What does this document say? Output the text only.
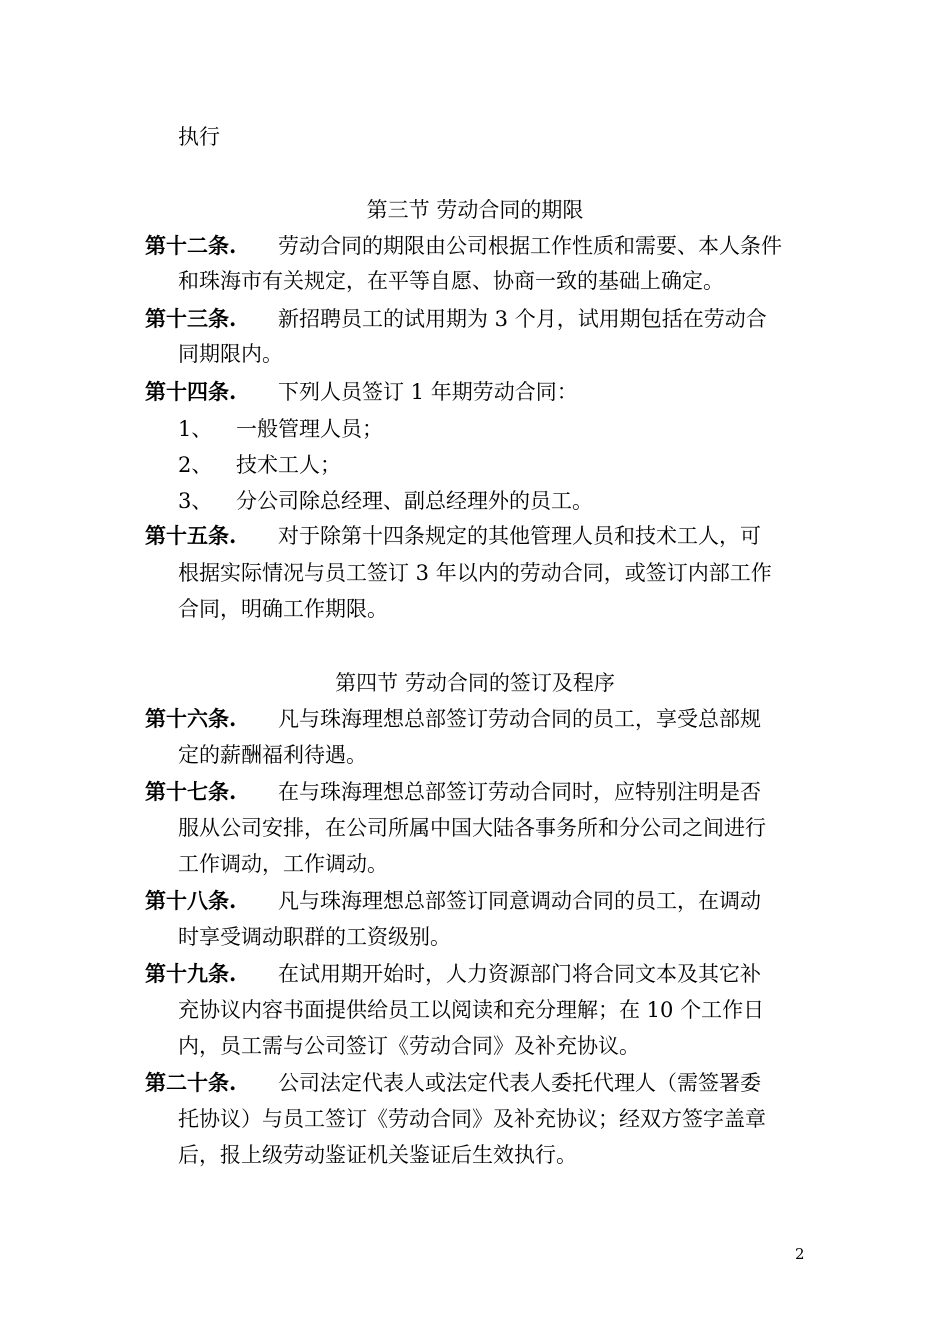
执行
第三节 劳动合同的期限
第十二条. 劳动合同的期限由公司根据工作性质和需要、本人条件
和珠海市有关规定，在平等自愿、协商一致的基础上确定。
第十三条. 新招聘员工的试用期为 3 个月，试用期包括在劳动合
同期限内。
第十四条. 下列人员签订 1 年期劳动合同：
1、 一般管理人员；
2、 技术工人；
3、 分公司除总经理、副总经理外的员工。
第十五条. 对于除第十四条规定的其他管理人员和技术工人，可
根据实际情况与员工签订 3 年以内的劳动合同，或签订内部工作
合同，明确工作期限。
第四节 劳动合同的签订及程序
第十六条. 凡与珠海理想总部签订劳动合同的员工，享受总部规
定的薪酬福利待遇。
第十七条. 在与珠海理想总部签订劳动合同时，应特别注明是否
服从公司安排，在公司所属中国大陆各事务所和分公司之间进行
工作调动，工作调动。
第十八条. 凡与珠海理想总部签订同意调动合同的员工，在调动
时享受调动职群的工资级别。
第十九条. 在试用期开始时，人力资源部门将合同文本及其它补
充协议内容书面提供给员工以阅读和充分理解；在 10 个工作日
内，员工需与公司签订《劳动合同》及补充协议。
第二十条. 公司法定代表人或法定代表人委托代理人（需签署委
托协议）与员工签订《劳动合同》及补充协议；经双方签字盖章
后，报上级劳动鉴证机关鉴证后生效执行。
2
